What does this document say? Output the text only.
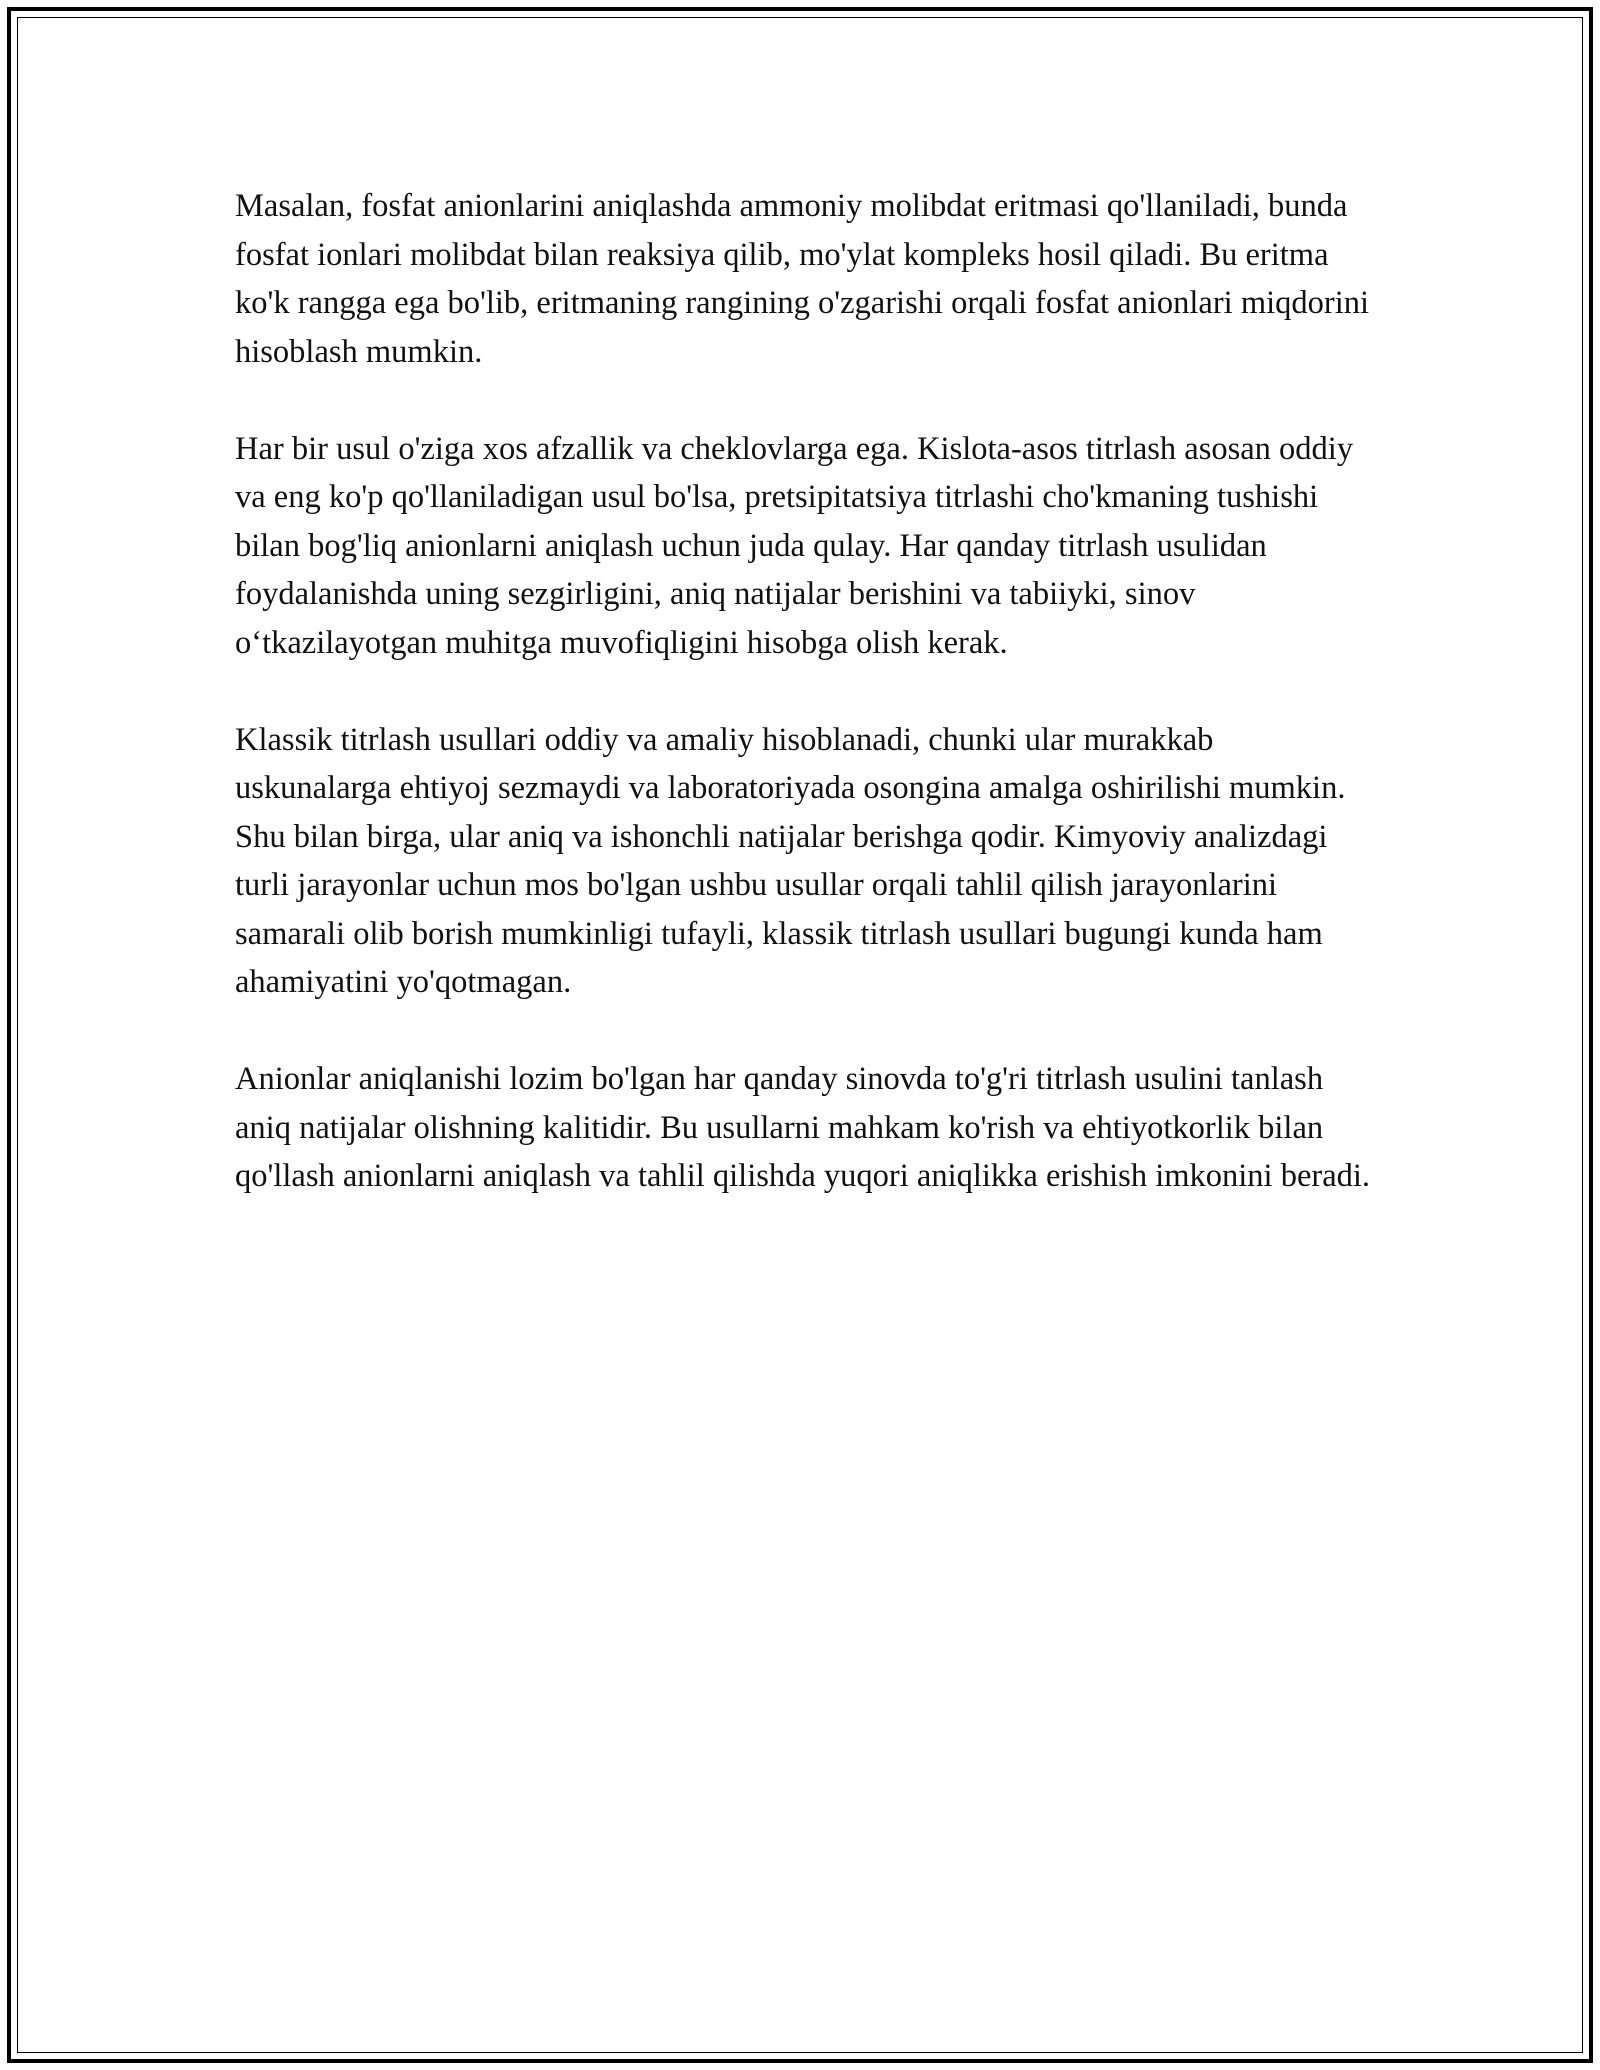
Masalan, fosfat anionlarini aniqlashda ammoniy molibdat eritmasi qo'llaniladi, bunda fosfat ionlari molibdat bilan reaksiya qilib, mo'ylat kompleks hosil qiladi. Bu eritma ko'k rangga ega bo'lib, eritmaning rangining o'zgarishi orqali fosfat anionlari miqdorini hisoblash mumkin.

Har bir usul o'ziga xos afzallik va cheklovlarga ega. Kislota-asos titrlash asosan oddiy va eng ko'p qo'llaniladigan usul bo'lsa, pretsipitatsiya titrlashi cho'kmaning tushishi bilan bog'liq anionlarni aniqlash uchun juda qulay. Har qanday titrlash usulidan foydalanishda uning sezgirligini, aniq natijalar berishini va tabiiyki, sinov o‘tkazilayotgan muhitga muvofiqligini hisobga olish kerak.

Klassik titrlash usullari oddiy va amaliy hisoblanadi, chunki ular murakkab uskunalarga ehtiyoj sezmaydi va laboratoriyada osongina amalga oshirilishi mumkin. Shu bilan birga, ular aniq va ishonchli natijalar berishga qodir. Kimyoviy analizdagi turli jarayonlar uchun mos bo'lgan ushbu usullar orqali tahlil qilish jarayonlarini samarali olib borish mumkinligi tufayli, klassik titrlash usullari bugungi kunda ham ahamiyatini yo'qotmagan.

Anionlar aniqlanishi lozim bo'lgan har qanday sinovda to'g'ri titrlash usulini tanlash aniq natijalar olishning kalitidir. Bu usullarni mahkam ko'rish va ehtiyotkorlik bilan qo'llash anionlarni aniqlash va tahlil qilishda yuqori aniqlikka erishish imkonini beradi.
